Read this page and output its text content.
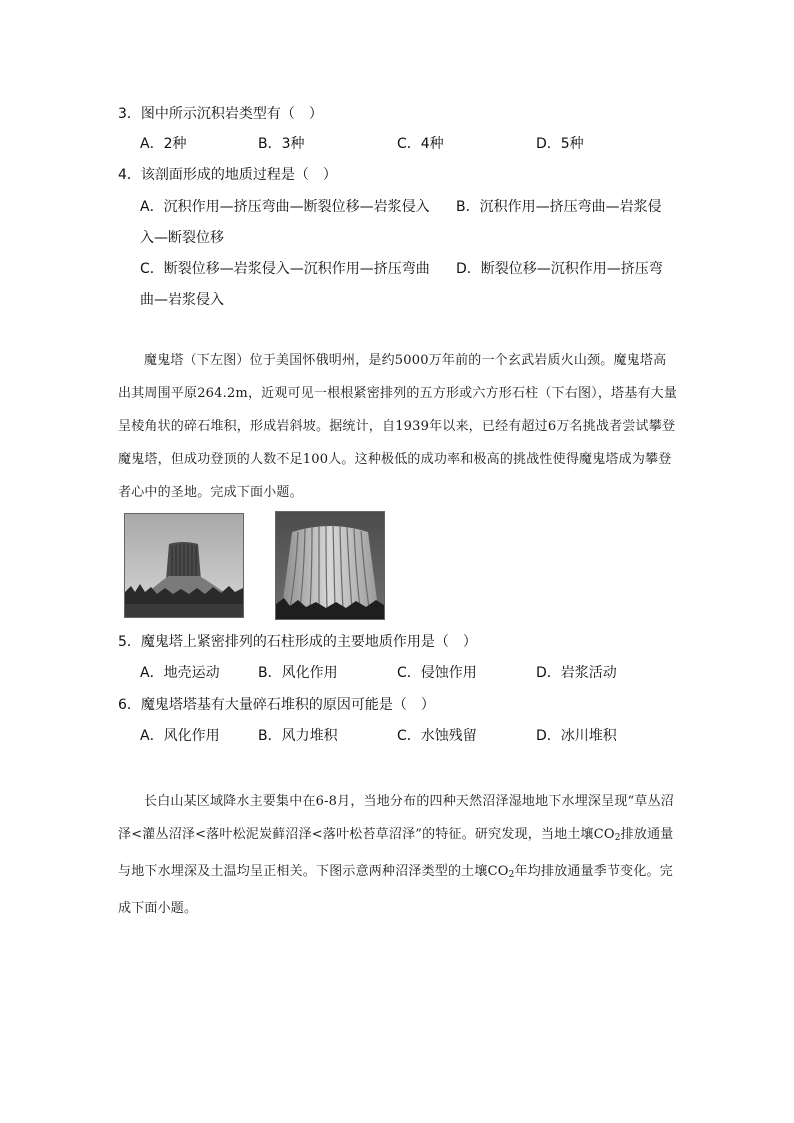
3．图中所示沉积岩类型有（　）
A．2种	B．3种	C．4种	D．5种
4．该剖面形成的地质过程是（　）
A．沉积作用—挤压弯曲—断裂位移—岩浆侵入 B．沉积作用—挤压弯曲—岩浆侵
入—断裂位移
C．断裂位移—岩浆侵入—沉积作用—挤压弯曲 D．断裂位移—沉积作用—挤压弯
曲—岩浆侵入

魔鬼塔（下左图）位于美国怀俄明州，是约5000万年前的一个玄武岩质火山颈。魔鬼塔高出其周围平原264.2m，近观可见一根根紧密排列的五方形或六方形石柱（下右图），塔基有大量呈棱角状的碎石堆积，形成岩斜坡。据统计，自1939年以来，已经有超过6万名挑战者尝试攀登魔鬼塔，但成功登顶的人数不足100人。这种极低的成功率和极高的挑战性使得魔鬼塔成为攀登者心中的圣地。完成下面小题。

5．魔鬼塔上紧密排列的石柱形成的主要地质作用是（　）
A．地壳运动	B．风化作用	C．侵蚀作用	D．岩浆活动
6．魔鬼塔塔基有大量碎石堆积的原因可能是（　）
A．风化作用	B．风力堆积	C．水蚀残留	D．冰川堆积

长白山某区域降水主要集中在6-8月，当地分布的四种天然沼泽湿地地下水埋深呈现“草丛沼泽<灌丛沼泽<落叶松泥炭藓沼泽<落叶松苔草沼泽”的特征。研究发现，当地土壤$CO_2$排放通量与地下水埋深及土温均呈正相关。下图示意两种沼泽类型的土壤$CO_2$年均排放通量季节变化。完成下面小题。
